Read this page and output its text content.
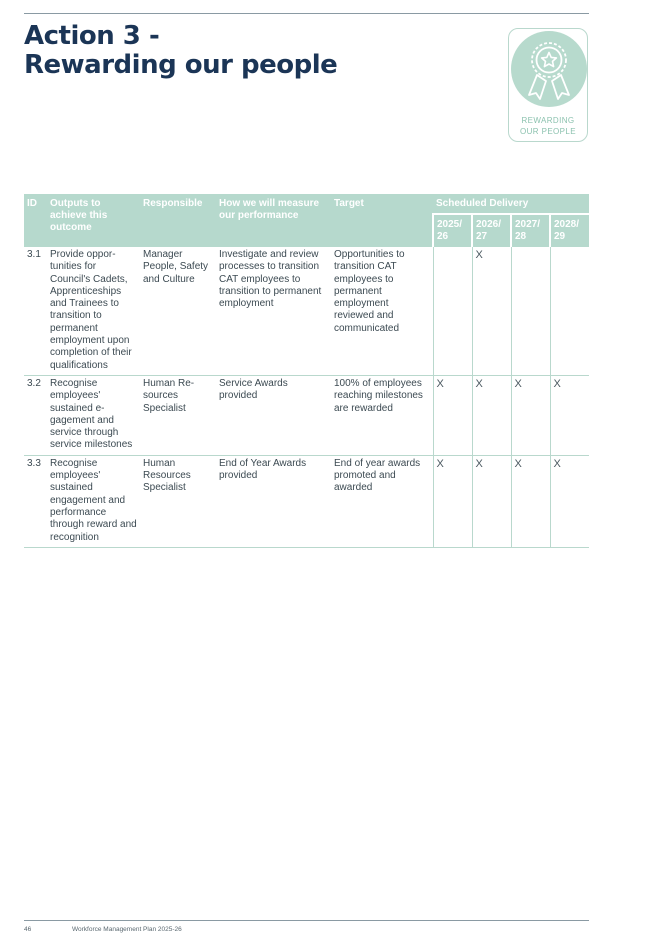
Action 3 -
Rewarding our people
REWARDING
OUR PEOPLE
ID	Outputs to achieve this outcome	Responsible	How we will measure our performance	Target	Scheduled Delivery			
					2025/ 26	2026/ 27	2027/ 28	2028/ 29
3.1	Provide oppor-tunities for Council's Cadets, Apprenticeships and Trainees to transition to permanent employment upon completion of their qualifications	Manager People, Safety and Culture	Investigate and review processes to transition CAT employees to transition to permanent employment	Opportunities to transition CAT employees to permanent employment reviewed and communicated		X		
3.2	Recognise employees' sustained e-gagement and service through service milestones	Human Re-sources Specialist	Service Awards provided	100% of employees reaching milestones are rewarded	X	X	X	X
3.3	Recognise employees' sustained engagement and performance through reward and recognition	Human Resources Specialist	End of Year Awards provided	End of year awards promoted and awarded	X	X	X	X
46	Workforce Management Plan 2025-26
